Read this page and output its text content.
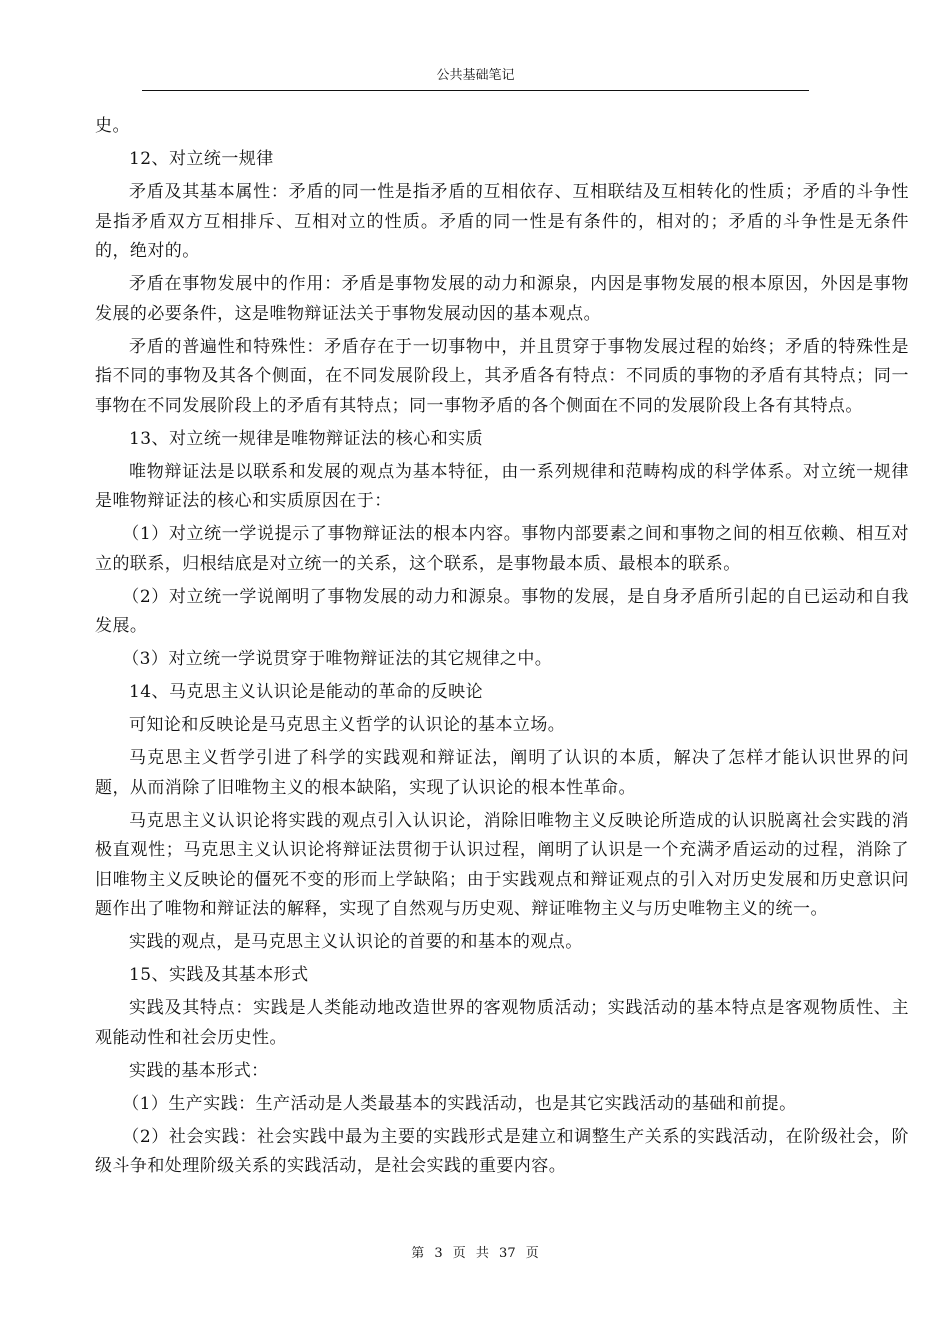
公共基础笔记

史。

12、对立统一规律

矛盾及其基本属性：矛盾的同一性是指矛盾的互相依存、互相联结及互相转化的性质；矛盾的斗争性是指矛盾双方互相排斥、互相对立的性质。矛盾的同一性是有条件的，相对的；矛盾的斗争性是无条件的，绝对的。

矛盾在事物发展中的作用：矛盾是事物发展的动力和源泉，内因是事物发展的根本原因，外因是事物发展的必要条件，这是唯物辩证法关于事物发展动因的基本观点。

矛盾的普遍性和特殊性：矛盾存在于一切事物中，并且贯穿于事物发展过程的始终；矛盾的特殊性是指不同的事物及其各个侧面，在不同发展阶段上，其矛盾各有特点：不同质的事物的矛盾有其特点；同一事物在不同发展阶段上的矛盾有其特点；同一事物矛盾的各个侧面在不同的发展阶段上各有其特点。

13、对立统一规律是唯物辩证法的核心和实质

唯物辩证法是以联系和发展的观点为基本特征，由一系列规律和范畴构成的科学体系。对立统一规律是唯物辩证法的核心和实质原因在于：

（1）对立统一学说提示了事物辩证法的根本内容。事物内部要素之间和事物之间的相互依赖、相互对立的联系，归根结底是对立统一的关系，这个联系，是事物最本质、最根本的联系。

（2）对立统一学说阐明了事物发展的动力和源泉。事物的发展，是自身矛盾所引起的自已运动和自我发展。

（3）对立统一学说贯穿于唯物辩证法的其它规律之中。

14、马克思主义认识论是能动的革命的反映论

可知论和反映论是马克思主义哲学的认识论的基本立场。

马克思主义哲学引进了科学的实践观和辩证法，阐明了认识的本质，解决了怎样才能认识世界的问题，从而消除了旧唯物主义的根本缺陷，实现了认识论的根本性革命。

马克思主义认识论将实践的观点引入认识论，消除旧唯物主义反映论所造成的认识脱离社会实践的消极直观性；马克思主义认识论将辩证法贯彻于认识过程，阐明了认识是一个充满矛盾运动的过程，消除了旧唯物主义反映论的僵死不变的形而上学缺陷；由于实践观点和辩证观点的引入对历史发展和历史意识问题作出了唯物和辩证法的解释，实现了自然观与历史观、辩证唯物主义与历史唯物主义的统一。

实践的观点，是马克思主义认识论的首要的和基本的观点。

15、实践及其基本形式

实践及其特点：实践是人类能动地改造世界的客观物质活动；实践活动的基本特点是客观物质性、主观能动性和社会历史性。

实践的基本形式：

（1）生产实践：生产活动是人类最基本的实践活动，也是其它实践活动的基础和前提。

（2）社会实践：社会实践中最为主要的实践形式是建立和调整生产关系的实践活动，在阶级社会，阶级斗争和处理阶级关系的实践活动，是社会实践的重要内容。

第 3 页 共 37 页
